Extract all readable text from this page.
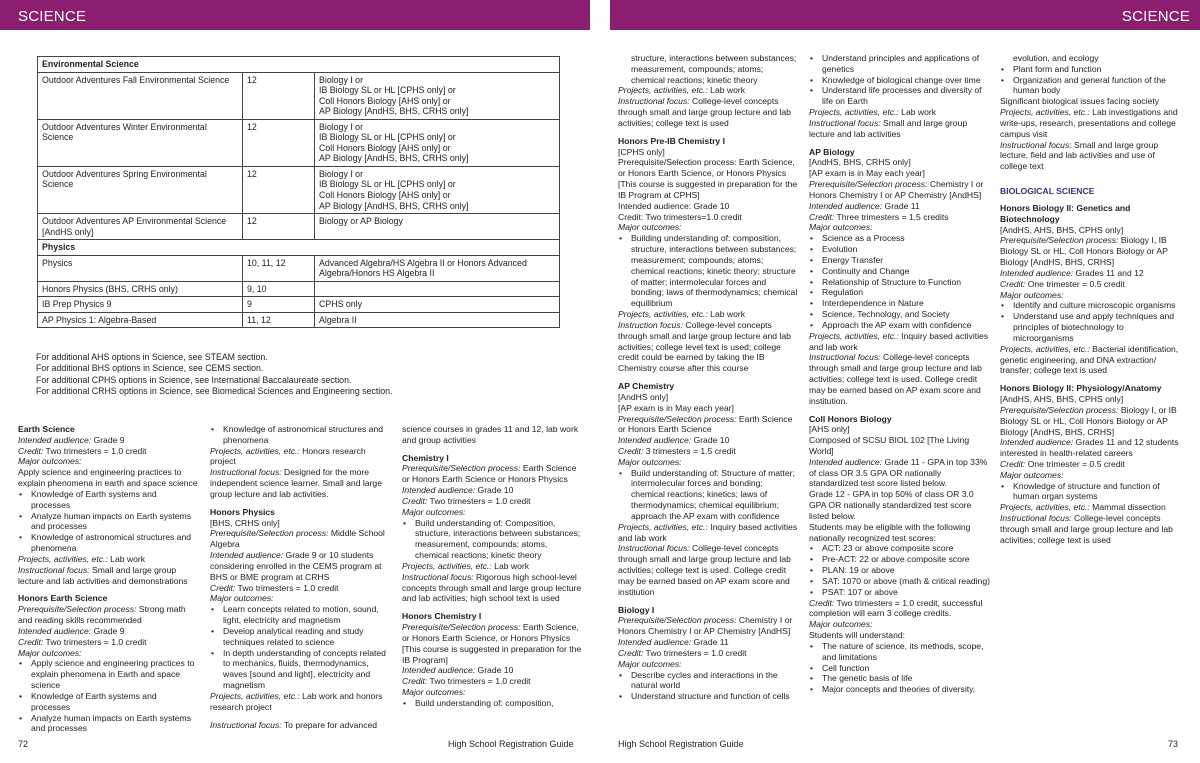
SCIENCE	SCIENCE
Environmental Science		
Outdoor Adventures Fall Environmental Science	12	Biology I or
IB Biology SL or HL [CPHS only] or
Coll Honors Biology [AHS only] or
AP Biology [AndHS, BHS, CRHS only]

Outdoor Adventures Winter Environmental Science	12	Biology I or
IB Biology SL or HL [CPHS only] or
Coll Honors Biology [AHS only] or
AP Biology [AndHS, BHS, CRHS only]

Outdoor Adventures Spring Environmental Science	12	Biology I or
IB Biology SL or HL [CPHS only] or
Coll Honors Biology [AHS only] or
AP Biology [AndHS, BHS, CRHS only]

Outdoor Adventures AP Environmental Science [AndHS only]	12	Biology or AP Biology

Physics		
Physics	10, 11, 12	Advanced Algebra/HS Algebra II or Honors Advanced Algebra/Honors HS Algebra II

Honors Physics (BHS, CRHS only)	9, 10	

IB Prep Physics 9	9	CPHS only

AP Physics 1: Algebra-Based	11, 12	Algebra II

For additional AHS options in Science, see STEAM section.

For additional BHS options in Science, see CEMS section.

For additional CPHS options in Science, see International Baccalaureate section.

For additional CRHS options in Science, see Biomedical Sciences and Engineering section.

Earth Science

Intended audience: Grade 9

Credit: Two trimesters = 1.0 credit

Major outcomes:

Apply science and engineering practices to explain phenomena in earth and space science

• Knowledge of Earth systems and processes
• Analyze human impacts on Earth systems and processes
• Knowledge of astronomical structures and phenomena

Projects, activities, etc.: Lab work

Instructional focus: Small and large group lecture and lab activities and demonstrations

Honors Earth Science

Prerequisite/Selection process: Strong math and reading skills recommended

Intended audience: Grade 9

Credit: Two trimesters = 1.0 credit

Major outcomes:

• Apply science and engineering practices to explain phenomena in Earth and space science
• Knowledge of Earth systems and processes
• Analyze human impacts on Earth systems and processes
• Knowledge of astronomical structures and phenomena

Projects, activities, etc.: Honors research project

Instructional focus: Designed for the more independent science learner. Small and large group lecture and lab activities.

Honors Physics

[BHS, CRHS only]

Prerequisite/Selection process: Middle School Algebra

Intended audience: Grade 9 or 10 students considering enrolled in the CEMS program at BHS or BME program at CRHS

Credit: Two trimesters = 1.0 credit

Major outcomes:

• Learn concepts related to motion, sound, light, electricity and magnetism
• Develop analytical reading and study techniques related to science
• In depth understanding of concepts related to mechanics, fluids, thermodynamics, waves [sound and light], electricity and magnetism

Projects, activities, etc.: Lab work and honors research project

Instructional focus: To prepare for advanced

science courses in grades 11 and 12, lab work and group activities

Chemistry I

Prerequisite/Selection process: Earth Science or Honors Earth Science or Honors Physics

Intended audience: Grade 10

Credit: Two trimesters = 1.0 credit

Major outcomes:

• Build understanding of: Composition, structure, interactions between substances; measurement, compounds; atoms, chemical reactions; kinetic theory

Projects, activities, etc.: Lab work

Instructional focus: Rigorous high school-level concepts through small and large group lecture and lab activities; high school text is used

Honors Chemistry I

Prerequisite/Selection process: Earth Science, or Honors Earth Science, or Honors Physics

[This course is suggested in preparation for the IB Program]

Intended audience: Grade 10

Credit: Two trimesters = 1.0 credit

Major outcomes:

• Build understanding of: composition,

structure, interactions between substances; measurement, compounds; atoms; chemical reactions; kinetic theory

Projects, activities, etc.: Lab work

Instructional focus: College-level concepts through small and large group lecture and lab activities; college text is used

Honors Pre-IB Chemistry I

[CPHS only]

Prerequisite/Selection process: Earth Science, or Honors Earth Science, or Honors Physics

[This course is suggested in preparation for the IB Program at CPHS]

Intended audience: Grade 10

Credit: Two trimesters=1.0 credit

Major outcomes:

• Building understanding of: composition, structure, interactions between substances; measurement; compounds; atoms; chemical reactions; kinetic theory; structure of matter; intermolecular forces and bonding; laws of thermodynamics; chemical equilibrium

Projects, activities, etc.: Lab work

Instruction focus: College-level concepts through small and large group lecture and lab activities; college level text is used; college credit could be earned by taking the IB Chemistry course after this course

AP Chemistry

[AndHS only]

[AP exam is in May each year]

Prerequisite/Selection process: Earth Science or Honors Earth Science

Intended audience: Grade 10

Credit: 3 trimesters = 1.5 credit

Major outcomes:

• Build understanding of: Structure of matter; intermolecular forces and bonding; chemical reactions; kinetics; laws of thermodynamics; chemical equilibrium; approach the AP exam with confidence

Projects, activities, etc.: Inquiry based activities and lab work

Instructional focus: College-level concepts through small and large group lecture and lab activities; college text is used. College credit may be earned based on AP exam score and institution

Biology I

Prerequisite/Selection process: Chemistry I or Honors Chemistry I or AP Chemistry [AndHS]

Intended audience: Grade 11

Credit: Two trimesters = 1.0 credit

Major outcomes:

• Describe cycles and interactions in the natural world
• Understand structure and function of cells
• Understand principles and applications of genetics
• Knowledge of biological change over time
• Understand life processes and diversity of life on Earth

Projects, activities, etc.: Lab work

Instructional focus: Small and large group lecture and lab activities

AP Biology

[AndHS, BHS, CRHS only]

[AP exam is in May each year]

Prerequisite/Selection process: Chemistry I or Honors Chemistry I or AP Chemistry [AndHS]

Intended audience: Grade 11

Credit: Three trimesters = 1.5 credits

Major outcomes:

• Science as a Process
• Evolution
• Energy Transfer
• Continuity and Change
• Relationship of Structure to Function
• Regulation
• Interdependence in Nature
• Science, Technology, and Society
• Approach the AP exam with confidence

Projects, activities, etc.: Inquiry based activities and lab work

Instructional focus: College-level concepts through small and large group lecture and lab activities; college text is used. College credit may be earned based on AP exam score and institution.

Coll Honors Biology

[AHS only]

Composed of SCSU BIOL 102 [The Living World]

Intended audience: Grade 11 - GPA in top 33% of class OR 3.5 GPA OR nationally standardized test score listed below.

Grade 12 - GPA in top 50% of class OR 3.0 GPA OR nationally standardized test score listed below.

Students may be eligible with the following nationally recognized test scores:

• ACT: 23 or above composite score
• Pre-ACT: 22 or above composite score
• PLAN: 19 or above
• SAT: 1070 or above (math & critical reading)
• PSAT: 107 or above

Credit: Two trimesters = 1.0 credit, successful completion will earn 3 college credits.

Major outcomes:

Students will understand:

• The nature of science, its methods, scope, and limitations
• Cell function
• The genetic basis of life
• Major concepts and theories of diversity,

evolution, and ecology

• Plant form and function
• Organization and general function of the human body

Significant biological issues facing society

Projects, activities, etc.: Lab investigations and write-ups, research, presentations and college campus visit

Instructional focus: Small and large group lecture, field and lab activities and use of college text

BIOLOGICAL SCIENCE

Honors Biology II: Genetics and Biotechnology

[AndHS, AHS, BHS, CPHS only]

Prerequisite/Selection process: Biology I, IB Biology SL or HL, Coll Honors Biology or AP Biology [AndHS, BHS, CRHS]

Intended audience: Grades 11 and 12

Credit: One trimester = 0.5 credit

Major outcomes:

• Identify and culture microscopic organisms
• Understand use and apply techniques and principles of biotechnology to microorganisms

Projects, activities, etc.: Bacterial identification, genetic engineering, and DNA extraction/ transfer; college text is used

Honors Biology II: Physiology/Anatomy

[AndHS, AHS, BHS, CPHS only]

Prerequisite/Selection process: Biology I, or IB Biology SL or HL, Coll Honors Biology or AP Biology [AndHS, BHS, CRHS]

Intended audience: Grades 11 and 12 students interested in health-related careers

Credit: One trimester = 0.5 credit

Major outcomes:

• Knowledge of structure and function of human organ systems

Projects, activities, etc.: Mammal dissection

Instructional focus: College-level concepts through small and large group lecture and lab activities; college text is used

72	High School Registration Guide	High School Registration Guide	73
